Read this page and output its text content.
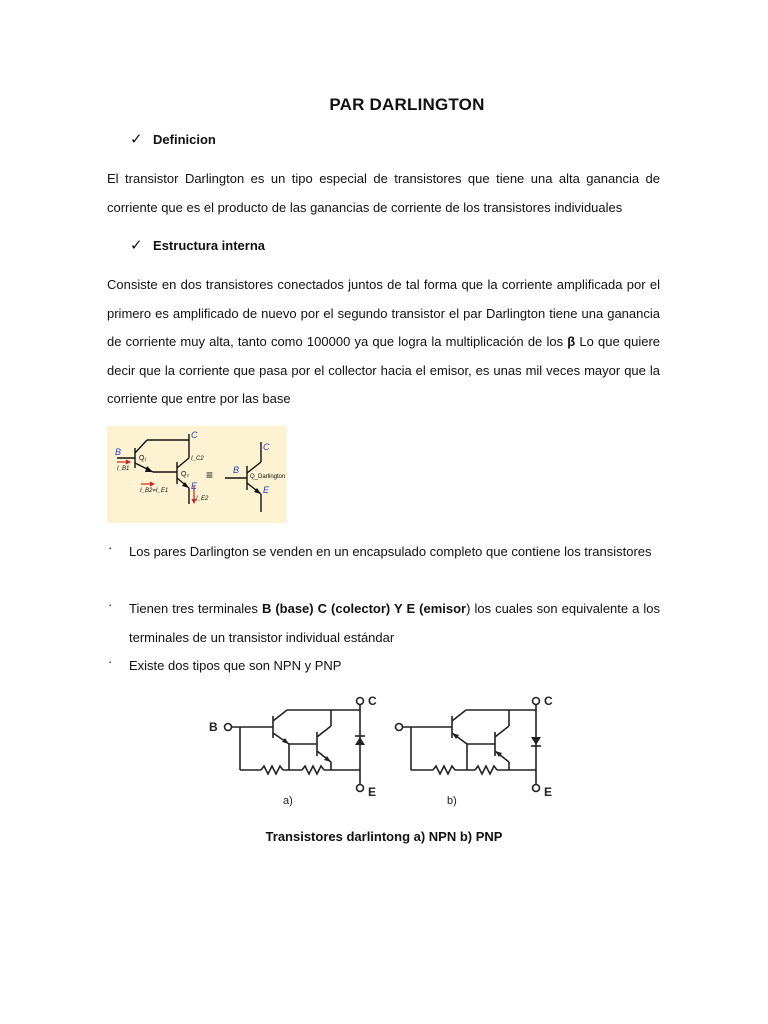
PAR DARLINGTON
✓ Definicion
El transistor Darlington es un tipo especial de transistores que tiene una alta ganancia de corriente que es el producto de las ganancias de corriente de los transistores individuales
✓ Estructura interna
Consiste en dos transistores conectados juntos de tal forma que la corriente amplificada por el primero es amplificado de nuevo por el segundo transistor el par Darlington tiene una ganancia de corriente muy alta, tanto como 100000 ya que logra la multiplicación de los β Lo que quiere decir que la corriente que pasa por el collector hacia el emisor, es unas mil veces mayor que la corriente que entre por las base
B
C
E
Q₁
Q₂
I_B1
I_C2
I_E2
I_B2=I_E1
≡ B
C
E
Q_Darlington
· Los pares Darlington se venden en un encapsulado completo que contiene los transistores
· Tienen tres terminales B (base) C (colector) Y E (emisor) los cuales son equivalente a los terminales de un transistor individual estándar
· Existe dos tipos que son NPN y PNP
B
C
E
C
E
a)	b)
Transistores darlintong a) NPN b) PNP
